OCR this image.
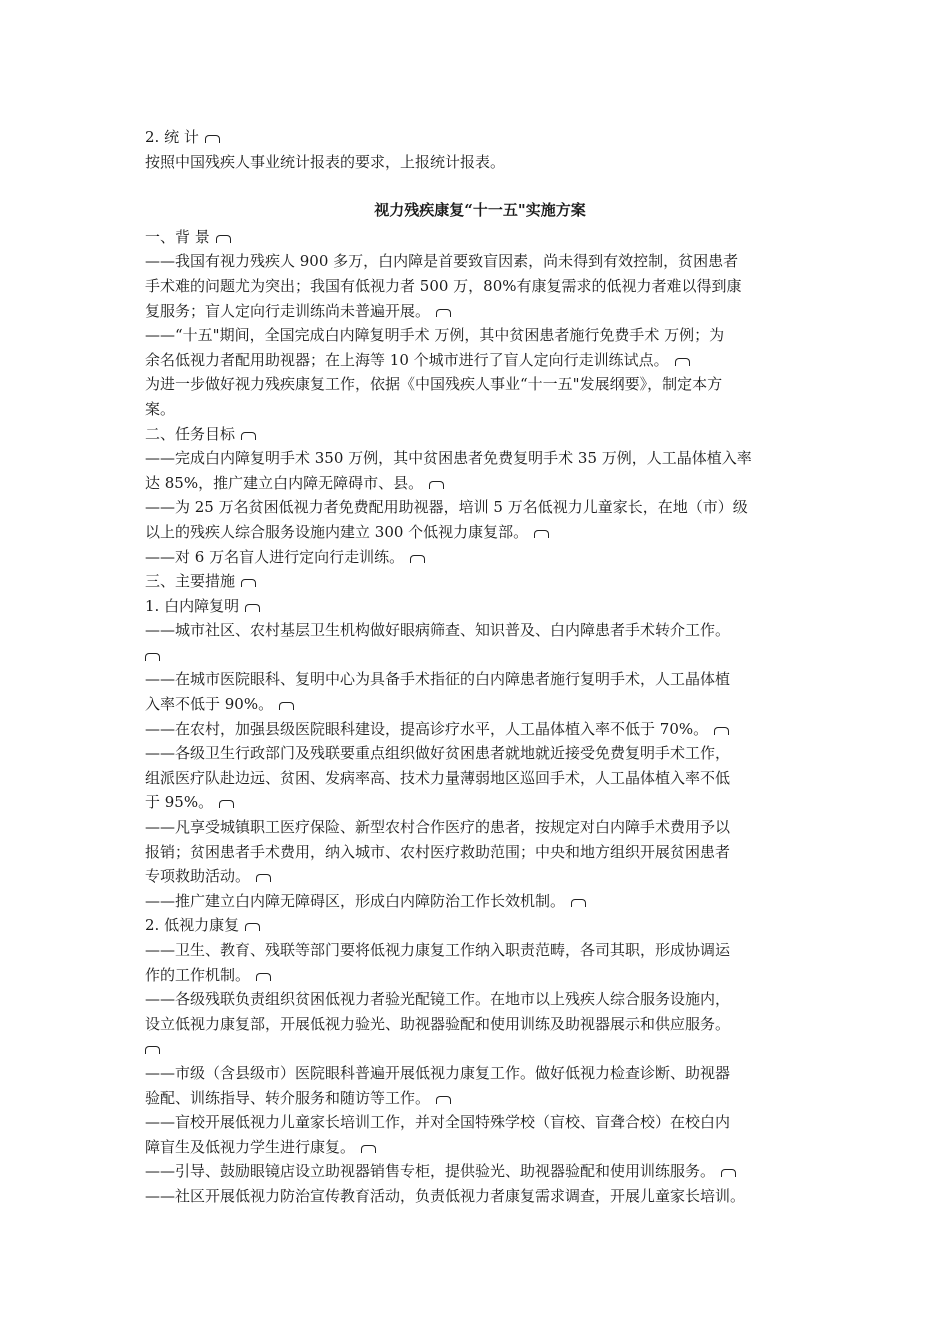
2. 统 计
按照中国残疾人事业统计报表的要求，上报统计报表。
视力残疾康复“十一五"实施方案
一、背 景
——我国有视力残疾人 900 多万，白内障是首要致盲因素，尚未得到有效控制，贫困患者
手术难的问题尤为突出；我国有低视力者 500 万，80%有康复需求的低视力者难以得到康
复服务；盲人定向行走训练尚未普遍开展。
——“十五"期间，全国完成白内障复明手术 万例，其中贫困患者施行免费手术 万例；为
余名低视力者配用助视器；在上海等 10 个城市进行了盲人定向行走训练试点。
为进一步做好视力残疾康复工作，依据《中国残疾人事业“十一五"发展纲要》，制定本方
案。
二、任务目标
——完成白内障复明手术 350 万例，其中贫困患者免费复明手术 35 万例，人工晶体植入率
达 85%，推广建立白内障无障碍市、县。
——为 25 万名贫困低视力者免费配用助视器，培训 5 万名低视力儿童家长，在地（市）级
以上的残疾人综合服务设施内建立 300 个低视力康复部。
——对 6 万名盲人进行定向行走训练。
三、主要措施
1. 白内障复明
——城市社区、农村基层卫生机构做好眼病筛查、知识普及、白内障患者手术转介工作。
——在城市医院眼科、复明中心为具备手术指征的白内障患者施行复明手术，人工晶体植
入率不低于 90%。
——在农村，加强县级医院眼科建设，提高诊疗水平，人工晶体植入率不低于 70%。
——各级卫生行政部门及残联要重点组织做好贫困患者就地就近接受免费复明手术工作，
组派医疗队赴边远、贫困、发病率高、技术力量薄弱地区巡回手术，人工晶体植入率不低
于 95%。
——凡享受城镇职工医疗保险、新型农村合作医疗的患者，按规定对白内障手术费用予以
报销；贫困患者手术费用，纳入城市、农村医疗救助范围；中央和地方组织开展贫困患者
专项救助活动。
——推广建立白内障无障碍区，形成白内障防治工作长效机制。
2. 低视力康复
——卫生、教育、残联等部门要将低视力康复工作纳入职责范畴，各司其职，形成协调运
作的工作机制。
——各级残联负责组织贫困低视力者验光配镜工作。在地市以上残疾人综合服务设施内，
设立低视力康复部，开展低视力验光、助视器验配和使用训练及助视器展示和供应服务。
——市级（含县级市）医院眼科普遍开展低视力康复工作。做好低视力检查诊断、助视器
验配、训练指导、转介服务和随访等工作。
——盲校开展低视力儿童家长培训工作，并对全国特殊学校（盲校、盲聋合校）在校白内
障盲生及低视力学生进行康复。
——引导、鼓励眼镜店设立助视器销售专柜，提供验光、助视器验配和使用训练服务。
——社区开展低视力防治宣传教育活动，负责低视力者康复需求调查，开展儿童家长培训。
